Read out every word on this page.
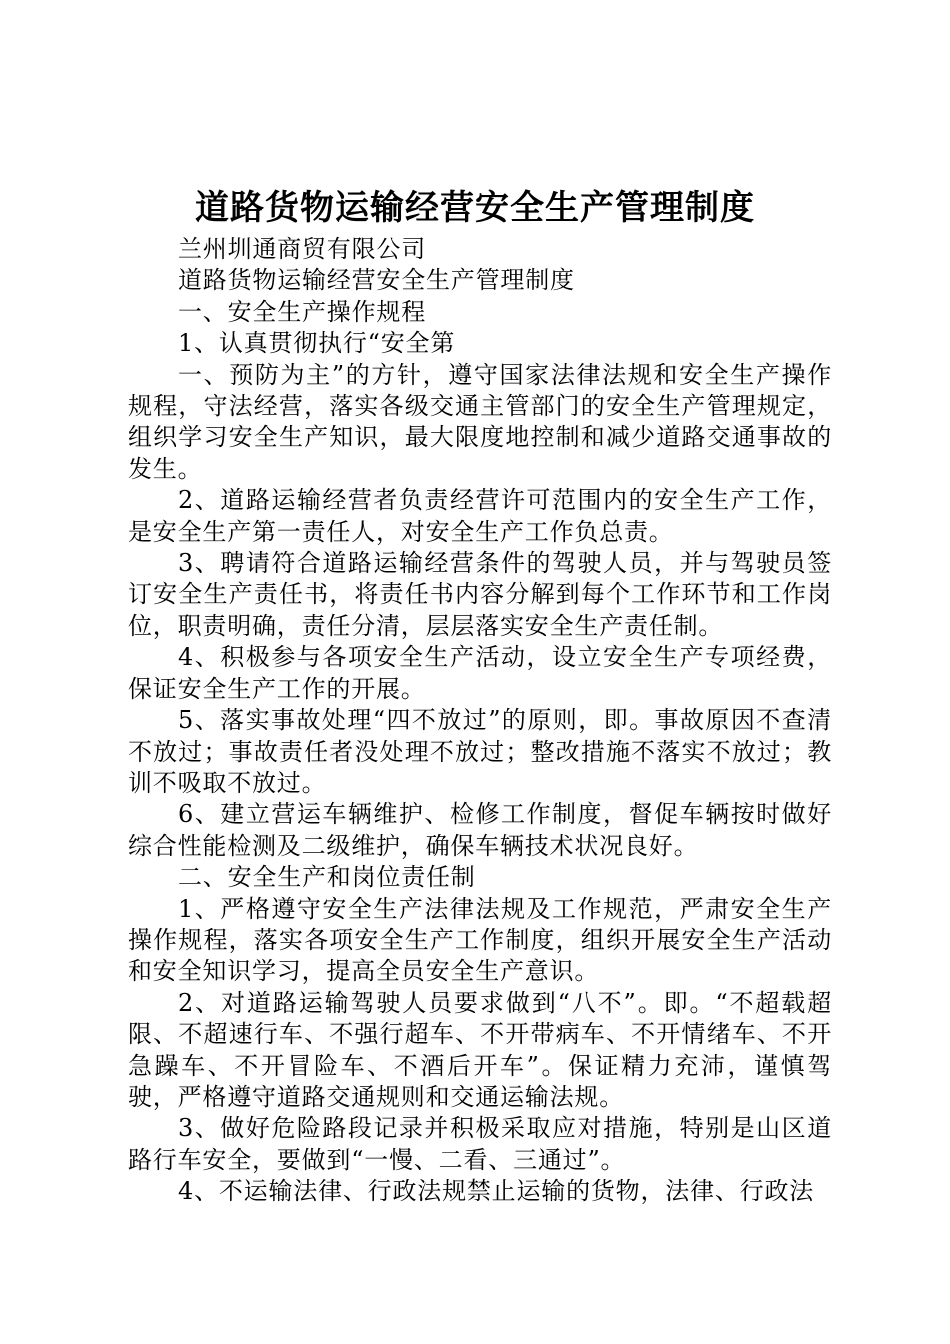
道路货物运输经营安全生产管理制度

兰州圳通商贸有限公司

道路货物运输经营安全生产管理制度

一、安全生产操作规程

1、认真贯彻执行“安全第

一、预防为主”的方针，遵守国家法律法规和安全生产操作规程，守法经营，落实各级交通主管部门的安全生产管理规定，组织学习安全生产知识，最大限度地控制和减少道路交通事故的发生。

2、道路运输经营者负责经营许可范围内的安全生产工作，是安全生产第一责任人，对安全生产工作负总责。

3、聘请符合道路运输经营条件的驾驶人员，并与驾驶员签订安全生产责任书，将责任书内容分解到每个工作环节和工作岗位，职责明确，责任分清，层层落实安全生产责任制。

4、积极参与各项安全生产活动，设立安全生产专项经费，保证安全生产工作的开展。

5、落实事故处理“四不放过”的原则，即。事故原因不查清不放过；事故责任者没处理不放过；整改措施不落实不放过；教训不吸取不放过。

6、建立营运车辆维护、检修工作制度，督促车辆按时做好综合性能检测及二级维护，确保车辆技术状况良好。

二、安全生产和岗位责任制

1、严格遵守安全生产法律法规及工作规范，严肃安全生产操作规程，落实各项安全生产工作制度，组织开展安全生产活动和安全知识学习，提高全员安全生产意识。

2、对道路运输驾驶人员要求做到“八不”。即。“不超载超限、不超速行车、不强行超车、不开带病车、不开情绪车、不开急躁车、不开冒险车、不酒后开车”。保证精力充沛，谨慎驾驶，严格遵守道路交通规则和交通运输法规。

3、做好危险路段记录并积极采取应对措施，特别是山区道路行车安全，要做到“一慢、二看、三通过”。

4、不运输法律、行政法规禁止运输的货物，法律、行政法
